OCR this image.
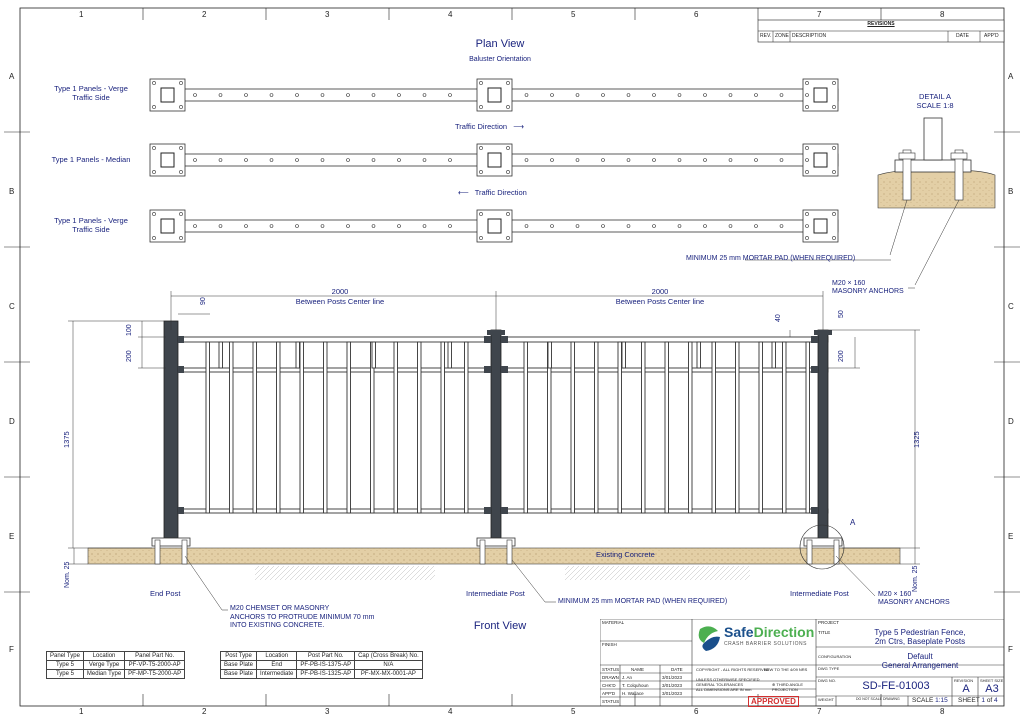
1	2	3	4	5	6	7	8
1	2	3	4	5	6	7	8
A
B
C
D
E
F
A
B
C
D
E
F
REVISIONS
REV. ZONE DESCRIPTION	DATE	APP'D
Plan View
Baluster Orientation
Type 1 Panels - Verge
Traffic Side
Type 1 Panels - Median
Type 1 Panels - Verge
Traffic Side
Traffic Direction ⟶
⟵ Traffic Direction
DETAIL A
SCALE 1:8
MINIMUM 25 mm MORTAR PAD (WHEN REQUIRED)
M20 × 160
MASONRY ANCHORS
2000
Between Posts Center line
2000
Between Posts Center line
90
100
200
1375
40
50
200
1325
Nom. 25	Nom. 25
Existing Concrete
A
End Post	Intermediate Post	Intermediate Post
M20 CHEMSET OR MASONRY
ANCHORS TO PROTRUDE MINIMUM 70 mm
INTO EXISTING CONCRETE.
MINIMUM 25 mm MORTAR PAD (WHEN REQUIRED)
M20 × 160
MASONRY ANCHORS
Front View
Panel Type	Location	Panel Part No.
Type 5	Verge Type	PF-VP-T5-2000-AP
Type 5	Median Type	PF-MP-T5-2000-AP
Post Type	Location	Post Part No.	Cap (Cross Break) No.
Base Plate	End	PF-PB-IS-1375-AP	N/A
Base Plate	Intermediate	PF-PB-IS-1325-AP	PF-MX-MX-0001-AP
MATERIAL
FINISH
STATUS	NAME	DATE
DRAWN J. An	3/01/2023
CHK'D T. Colquhoun	3/01/2023
APP'D H. Wallace	3/01/2023
STATUS
SafeDirection
CRASH BARRIER SOLUTIONS
COPYRIGHT - ALL RIGHTS RESERVED
NEW TO THE 4/09 NRS
UNLESS OTHERWISE SPECIFIED
GENERAL TOLERANCES
ALL DIMENSIONS ARE IN mm
⊕ THIRD ANGLE PROJECTION
APPROVED
PROJECT
TITLE	Type 5 Pedestrian Fence,
2m Ctrs, Baseplate Posts
CONFIGURATION	Default
General Arrangement
DWG TYPE
DWG NO.	SD-FE-01003	REVISION
A
SHEET SIZE
A3
WEIGHT	DO NOT SCALE DRAWING	SCALE 1:15 SHEET 1 of 4
